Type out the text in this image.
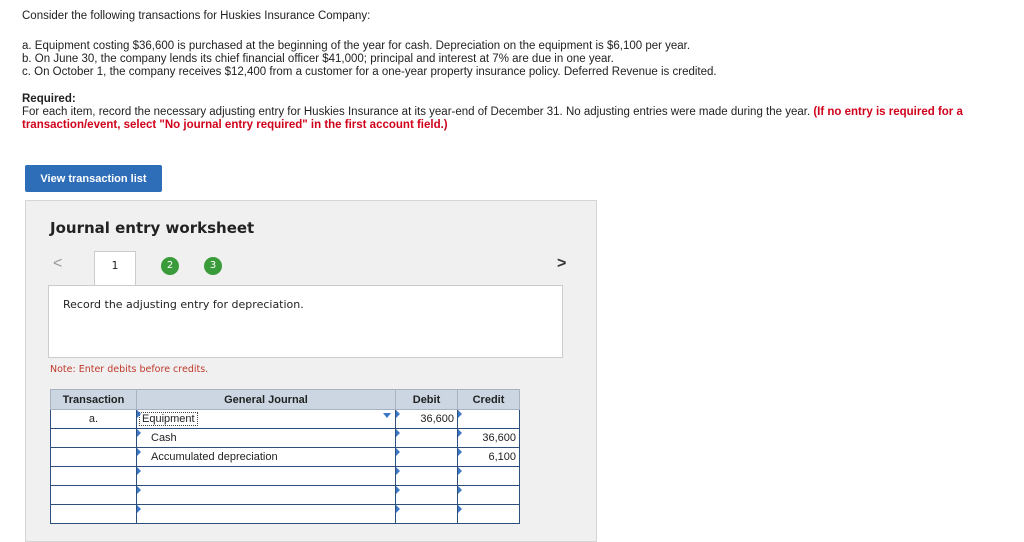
Consider the following transactions for Huskies Insurance Company:

a. Equipment costing $36,600 is purchased at the beginning of the year for cash. Depreciation on the equipment is $6,100 per year.

b. On June 30, the company lends its chief financial officer $41,000; principal and interest at 7% are due in one year.

c. On October 1, the company receives $12,400 from a customer for a one-year property insurance policy. Deferred Revenue is credited.

Required:

For each item, record the necessary adjusting entry for Huskies Insurance at its year-end of December 31. No adjusting entries were made during the year. (If no entry is required for a transaction/event, select "No journal entry required" in the first account field.)

View transaction list
Journal entry worksheet
<	1	2	3	>
Record the adjusting entry for depreciation.
Note: Enter debits before credits.
Transaction	General Journal	Debit	Credit
a.	Equipment	36,600	

Cash		36,600

Accumulated depreciation		6,100
